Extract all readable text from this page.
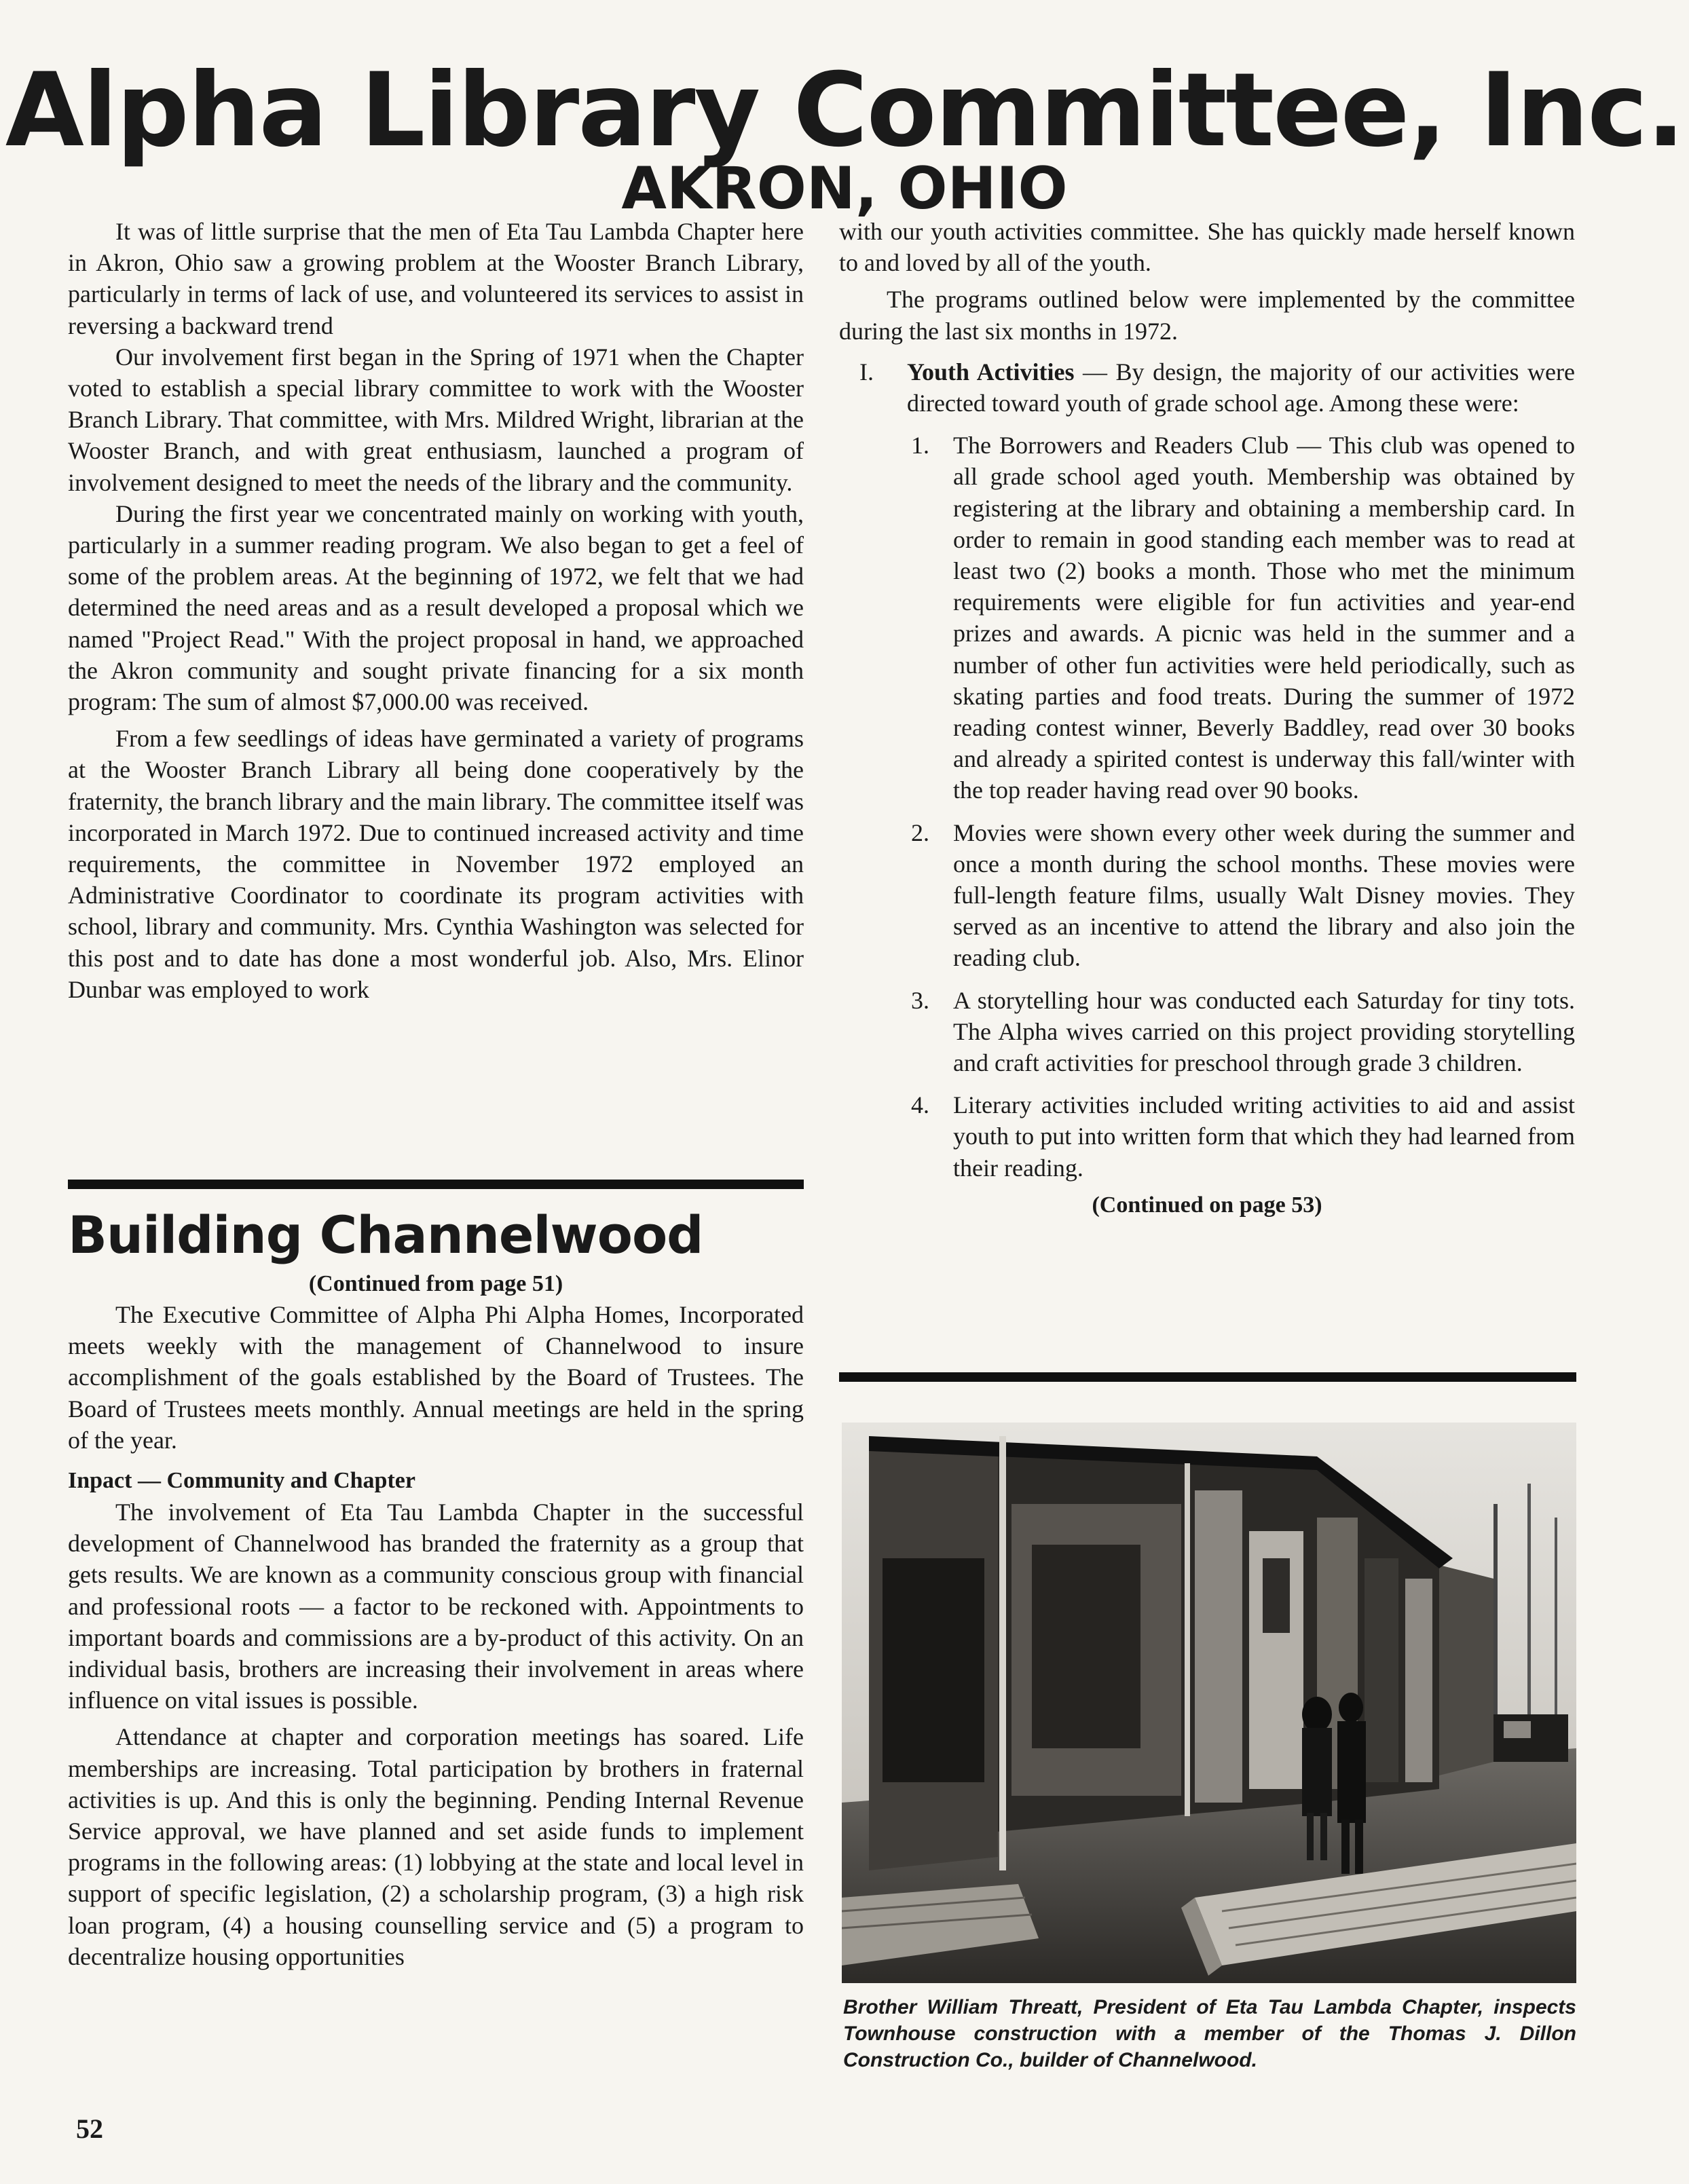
Alpha Library Committee, Inc.
AKRON, OHIO

It was of little surprise that the men of Eta Tau Lambda Chapter here in Akron, Ohio saw a growing problem at the Wooster Branch Library, particularly in terms of lack of use, and volunteered its services to assist in reversing a backward trend

Our involvement first began in the Spring of 1971 when the Chapter voted to establish a special library committee to work with the Wooster Branch Library. That committee, with Mrs. Mildred Wright, librarian at the Wooster Branch, and with great enthusiasm, launched a program of involvement designed to meet the needs of the library and the community.

During the first year we concentrated mainly on working with youth, particularly in a summer reading program. We also began to get a feel of some of the problem areas. At the beginning of 1972, we felt that we had determined the need areas and as a result developed a proposal which we named "Project Read." With the project proposal in hand, we approached the Akron community and sought private financing for a six month program: The sum of almost $7,000.00 was received.

From a few seedlings of ideas have germinated a variety of programs at the Wooster Branch Library all being done cooperatively by the fraternity, the branch library and the main library. The committee itself was incorporated in March 1972. Due to continued increased activity and time requirements, the committee in November 1972 employed an Administrative Coordinator to coordinate its program activities with school, library and community. Mrs. Cynthia Washington was selected for this post and to date has done a most wonderful job. Also, Mrs. Elinor Dunbar was employed to work

Building Channelwood

(Continued from page 51)

The Executive Committee of Alpha Phi Alpha Homes, Incorporated meets weekly with the management of Channelwood to insure accomplishment of the goals established by the Board of Trustees. The Board of Trustees meets monthly. Annual meetings are held in the spring of the year.

Inpact — Community and Chapter

The involvement of Eta Tau Lambda Chapter in the successful development of Channelwood has branded the fraternity as a group that gets results. We are known as a community conscious group with financial and professional roots — a factor to be reckoned with. Appointments to important boards and commissions are a by-product of this activity. On an individual basis, brothers are increasing their involvement in areas where influence on vital issues is possible.

Attendance at chapter and corporation meetings has soared. Life memberships are increasing. Total participation by brothers in fraternal activities is up. And this is only the beginning. Pending Internal Revenue Service approval, we have planned and set aside funds to implement programs in the following areas: (1) lobbying at the state and local level in support of specific legislation, (2) a scholarship program, (3) a high risk loan program, (4) a housing counselling service and (5) a program to decentralize housing opportunities

with our youth activities committee. She has quickly made herself known to and loved by all of the youth.

The programs outlined below were implemented by the committee during the last six months in 1972.

I. Youth Activities — By design, the majority of our activities were directed toward youth of grade school age. Among these were:

1. The Borrowers and Readers Club — This club was opened to all grade school aged youth. Membership was obtained by registering at the library and obtaining a membership card. In order to remain in good standing each member was to read at least two (2) books a month. Those who met the minimum requirements were eligible for fun activities and year-end prizes and awards. A picnic was held in the summer and a number of other fun activities were held periodically, such as skating parties and food treats. During the summer of 1972 reading contest winner, Beverly Baddley, read over 30 books and already a spirited contest is underway this fall/winter with the top reader having read over 90 books.

2. Movies were shown every other week during the summer and once a month during the school months. These movies were full-length feature films, usually Walt Disney movies. They served as an incentive to attend the library and also join the reading club.

3. A storytelling hour was conducted each Saturday for tiny tots. The Alpha wives carried on this project providing storytelling and craft activities for preschool through grade 3 children.

4. Literary activities included writing activities to aid and assist youth to put into written form that which they had learned from their reading.

(Continued on page 53)

Brother William Threatt, President of Eta Tau Lambda Chapter, inspects Townhouse construction with a member of the Thomas J. Dillon Construction Co., builder of Channelwood.

52
